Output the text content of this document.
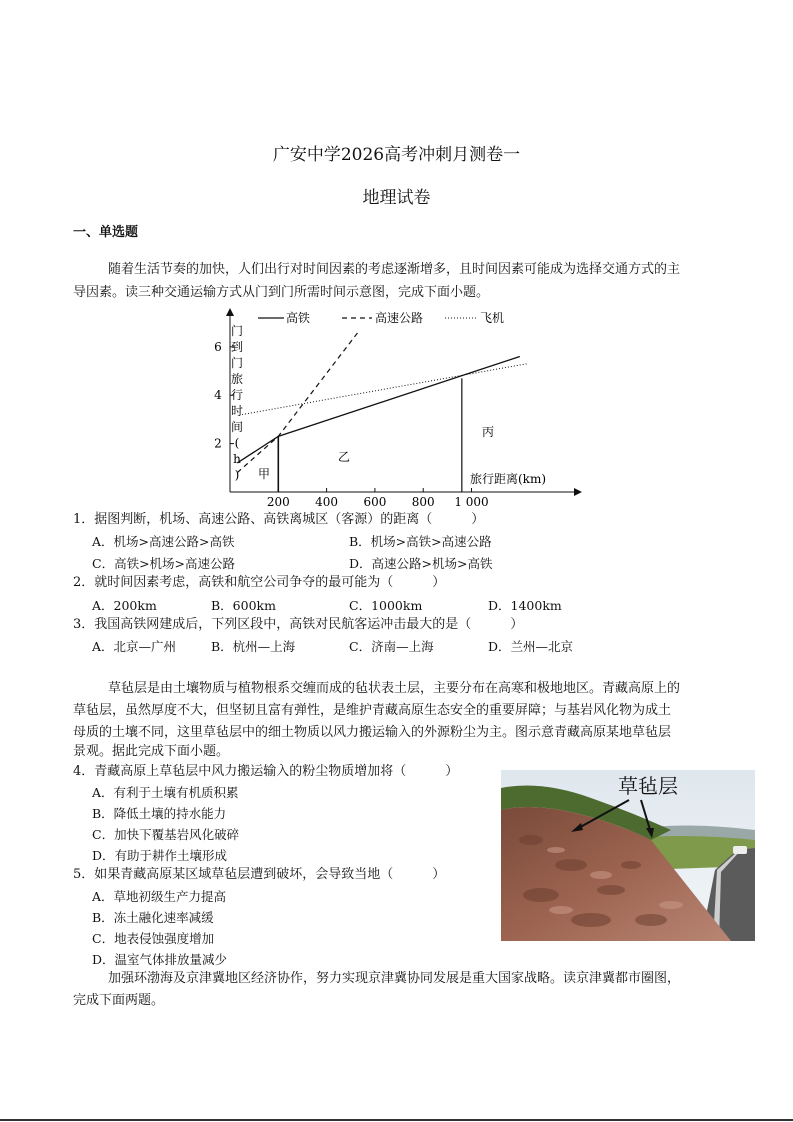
广安中学2026高考冲刺月测卷一
地理试卷
一、单选题
随着生活节奏的加快，人们出行对时间因素的考虑逐渐增多，且时间因素可能成为选择交通方式的主
导因素。读三种交通运输方式从门到门所需时间示意图，完成下面小题。
高铁	高速公路	飞机
门到门旅行时间( h )	旅行距离(km)
200 400 600 800 1 000
2
4
6
甲
乙
丙
1．据图判断，机场、高速公路、高铁离城区（客源）的距离（　　　）
A．机场>高速公路>高铁	B．机场>高铁>高速公路
C．高铁>机场>高速公路	D．高速公路>机场>高铁
2．就时间因素考虑，高铁和航空公司争夺的最可能为（　　　）
A．200km	B．600km	C．1000km	D．1400km
3．我国高铁网建成后，下列区段中，高铁对民航客运冲击最大的是（　　　）
A．北京—广州	B．杭州—上海	C．济南—上海	D．兰州—北京
草毡层是由土壤物质与植物根系交缠而成的毡状表土层，主要分布在高寒和极地地区。青藏高原上的
草毡层，虽然厚度不大，但坚韧且富有弹性，是维护青藏高原生态安全的重要屏障；与基岩风化物为成土
母质的土壤不同，这里草毡层中的细土物质以风力搬运输入的外源粉尘为主。图示意青藏高原某地草毡层
景观。据此完成下面小题。
4．青藏高原上草毡层中风力搬运输入的粉尘物质增加将（　　　）
A．有利于土壤有机质积累
B．降低土壤的持水能力
C．加快下覆基岩风化破碎
D．有助于耕作土壤形成
5．如果青藏高原某区域草毡层遭到破坏，会导致当地（　　　）
A．草地初级生产力提高
B．冻土融化速率减缓
C．地表侵蚀强度增加
D．温室气体排放量减少
草毡层
加强环渤海及京津冀地区经济协作，努力实现京津冀协同发展是重大国家战略。读京津冀都市圈图，
完成下面两题。
